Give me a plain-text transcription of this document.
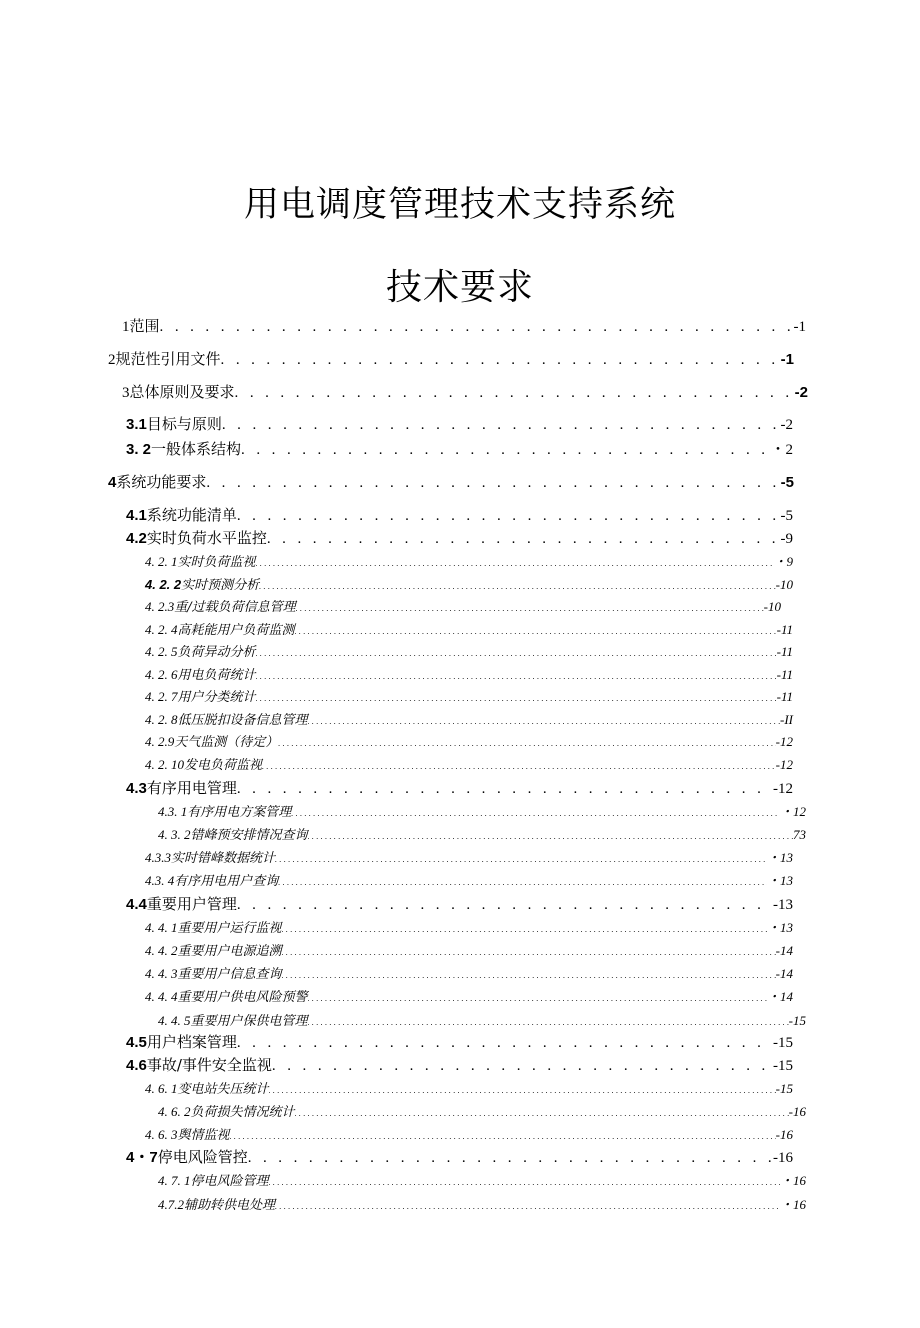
用电调度管理技术支持系统
技术要求
1范围 . . .	-1
2规范性引用文件 . . .	-1
3总体原则及要求 . . .	-2
3.1目标与原则 . . .	-2
3. 2一般体系结构 . . .	・2
4系统功能要求 . . .	-5
4.1系统功能清单 . . .	-5
4.2实时负荷水平监控 . . .	-9
4. 2. 1实时负荷监视 . . .	・9
4. 2. 2实时预测分析 . . .	-10
4. 2.3重/过载负荷信息管理 . . .	-10
4. 2. 4高耗能用户负荷监测 . . .	-11
4. 2. 5负荷异动分析 . . .	-11
4. 2. 6用电负荷统计 . . .	-11
4. 2. 7用户分类统计 . . .	-11
4. 2. 8低压脱扣设备信息管理 . . .	-II
4. 2.9天气监测（待定） . . .	-12
4. 2. 10发电负荷监视 . . .	-12
4.3有序用电管理 . . .	-12
4.3. 1有序用电方案管理 . . .	・12
4. 3. 2错峰预安排情况查询 . . .	73
4.3.3实时错峰数据统计 . . .	・13
4.3. 4有序用电用户查询 . . .	・13
4.4重要用户管理 . . .	-13
4. 4. 1重要用户运行监视 . . .	・13
4. 4. 2重要用户电源追溯 . . .	-14
4. 4. 3重要用户信息查询 . . .	-14
4. 4. 4重要用户供电风险预警 . . .	・14
4. 4. 5重要用户保供电管理 . . .	-15
4.5用户档案管理 . . .	-15
4.6事故/事件安全监视 . . .	-15
4. 6. 1变电站失压统计 . . .	-15
4. 6. 2负荷损失情况统计 . . .	-16
4. 6. 3舆情监视 . . .	-16
4・7停电风险管控 . . .	-16
4. 7. 1停电风险管理 . . .	・16
4.7.2辅助转供电处理 . . .	・16
